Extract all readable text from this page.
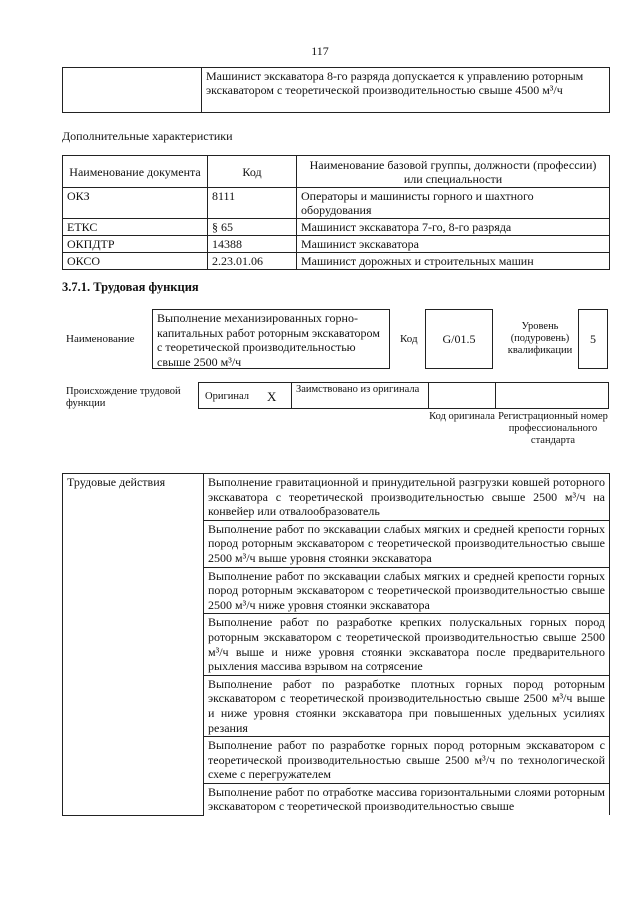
117
	Машинист экскаватора 8-го разряда допускается к управлению роторным экскаватором с теоретической производительностью свыше 4500 м³/ч
Дополнительные характеристики
Наименование документа	Код	Наименование базовой группы, должности (профессии) или специальности
ОКЗ	8111	Операторы и машинисты горного и шахтного оборудования
ЕТКС	§ 65	Машинист экскаватора 7-го, 8-го разряда
ОКПДТР	14388	Машинист экскаватора
ОКСО	2.23.01.06	Машинист дорожных и строительных машин
3.7.1. Трудовая функция
Наименование
Выполнение механизированных горно-капитальных работ роторным экскаватором с теоретической производительностью свыше 2500 м³/ч
Код	G/01.5
Уровень (подуровень) квалификации
5
Происхождение трудовой функции
Оригинал X Заимствовано из оригинала
Код оригинала Регистрационный номер профессионального стандарта
Трудовые действия	Выполнение гравитационной и принудительной разгрузки ковшей роторного экскаватора с теоретической производительностью свыше 2500 м³/ч на конвейер или отвалообразователь
Выполнение работ по экскавации слабых мягких и средней крепости горных пород роторным экскаватором с теоретической производительностью свыше 2500 м³/ч выше уровня стоянки экскаватора
Выполнение работ по экскавации слабых мягких и средней крепости горных пород роторным экскаватором с теоретической производительностью свыше 2500 м³/ч ниже уровня стоянки экскаватора
Выполнение работ по разработке крепких полускальных горных пород роторным экскаватором с теоретической производительностью свыше 2500 м³/ч выше и ниже уровня стоянки экскаватора после предварительного рыхления массива взрывом на сотрясение
Выполнение работ по разработке плотных горных пород роторным экскаватором с теоретической производительностью свыше 2500 м³/ч выше и ниже уровня стоянки экскаватора при повышенных удельных усилиях резания
Выполнение работ по разработке горных пород роторным экскаватором с теоретической производительностью свыше 2500 м³/ч по технологической схеме с перегружателем
Выполнение работ по отработке массива горизонтальными слоями роторным экскаватором с теоретической производительностью свыше
